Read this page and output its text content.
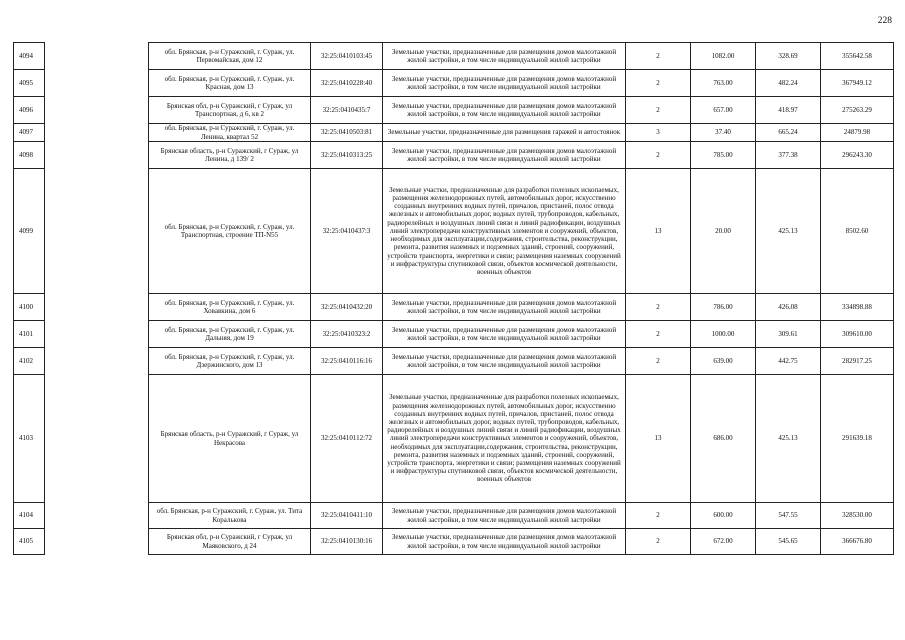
228
4094		обл. Брянская, р-н Суражский, г. Сураж, ул. Первомайская, дом 12	32:25:0410103:45	Земельные участки, предназначенные для размещения домов малоэтажной жилой застройки, в том числе индивидуальной жилой застройки	2	1082.00	328.69	355642.58
4095		обл. Брянская, р-н Суражский, г. Сураж, ул. Красная, дом 13	32:25:0410228:40	Земельные участки, предназначенные для размещения домов малоэтажной жилой застройки, в том числе индивидуальной жилой застройки	2	763.00	482.24	367949.12
4096		Брянская обл, р-н Суражский, г Сураж, ул Транспортная, д 6, кв 2	32:25:0410435:7	Земельные участки, предназначенные для размещения домов малоэтажной жилой застройки, в том числе индивидуальной жилой застройки	2	657.00	418.97	275263.29
4097		обл. Брянская, р-н Суражский, г. Сураж, ул. Ленина, квартал 52	32:25:0410503:81	Земельные участки, предназначенные для размещения гаражей и автостоянок	3	37.40	665.24	24879.98
4098		Брянская область, р-н Суражский, г Сураж, ул Ленина, д 139/ 2	32:25:0410313:25	Земельные участки, предназначенные для размещения домов малоэтажной жилой застройки, в том числе индивидуальной жилой застройки	2	785.00	377.38	296243.30
4099		обл. Брянская, р-н Суражский, г. Сураж, ул. Транспортная, строение ТП-N55	32:25:0410437:3	Земельные участки, предназначенные для разработки полезных ископаемых, размещения железнодорожных путей, автомобильных дорог, искусственно созданных внутренних водных путей, причалов, пристаней, полос отвода железных и автомобильных дорог, водных путей, трубопроводов, кабельных, радиорелейных и воздушных линий связи и линий радиофикации, воздушных линий электропередачи конструктивных элементов и сооружений, объектов, необходимых для эксплуатации,содержания, строительства, реконструкции, ремонта, развития наземных и подземных зданий, строений, сооружений, устройств транспорта, энергетики и связи; размещения наземных сооружений и инфраструктуры спутниковой связи, объектов космической деятельности, военных объектов	13	20.00	425.13	8502.60
4100		обл. Брянская, р-н Суражский, г. Сураж, ул. Ховавкина, дом 6	32:25:0410432:20	Земельные участки, предназначенные для размещения домов малоэтажной жилой застройки, в том числе индивидуальной жилой застройки	2	786.00	426.08	334898.88
4101		обл. Брянская, р-н Суражский, г. Сураж, ул. Дальняя, дом 19	32:25:0410323:2	Земельные участки, предназначенные для размещения домов малоэтажной жилой застройки, в том числе индивидуальной жилой застройки	2	1000.00	309.61	309610.00
4102		обл. Брянская, р-н Суражский, г. Сураж, ул. Дзержинского, дом 13	32:25:0410116:16	Земельные участки, предназначенные для размещения домов малоэтажной жилой застройки, в том числе индивидуальной жилой застройки	2	639.00	442.75	282917.25
4103		Брянская область, р-н Суражский, г Сураж, ул Некрасова	32:25:0410112:72	Земельные участки, предназначенные для разработки полезных ископаемых, размещения железнодорожных путей, автомобильных дорог, искусственно созданных внутренних водных путей, причалов, пристаней, полос отвода железных и автомобильных дорог, водных путей, трубопроводов, кабельных, радиорелейных и воздушных линий связи и линий радиофикации, воздушных линий электропередачи конструктивных элементов и сооружений, объектов, необходимых для эксплуатации,содержания, строительства, реконструкции, ремонта, развития наземных и подземных зданий, строений, сооружений, устройств транспорта, энергетики и связи; размещения наземных сооружений и инфраструктуры спутниковой связи, объектов космической деятельности, военных объектов	13	686.00	425.13	291639.18
4104		обл. Брянская, р-н Суражский, г. Сураж, ул. Тита Коралькова	32:25:0410411:10	Земельные участки, предназначенные для размещения домов малоэтажной жилой застройки, в том числе индивидуальной жилой застройки	2	600.00	547.55	328530.00
4105		Брянская обл, р-н Суражский, г Сураж, ул Маяковского, д 24	32:25:0410130:16	Земельные участки, предназначенные для размещения домов малоэтажной жилой застройки, в том числе индивидуальной жилой застройки	2	672.00	545.65	366676.80
